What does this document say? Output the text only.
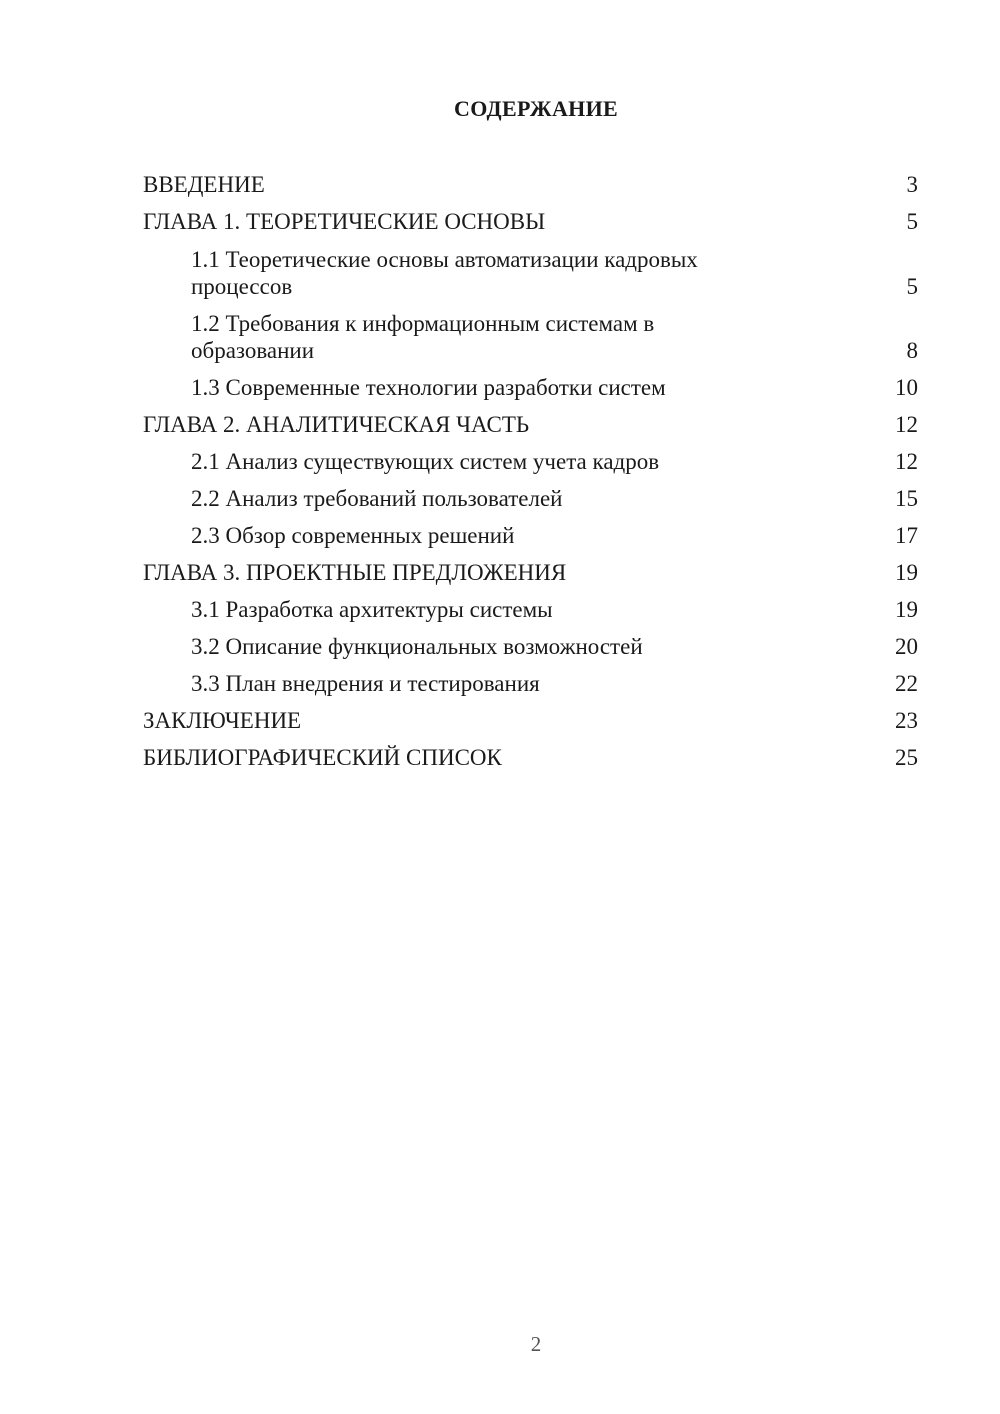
СОДЕРЖАНИЕ
ВВЕДЕНИЕ	3
ГЛАВА 1. ТЕОРЕТИЧЕСКИЕ ОСНОВЫ	5
1.1 Теоретические основы автоматизации кадровых процессов	5
1.2 Требования к информационным системам в образовании	8
1.3 Современные технологии разработки систем	10
ГЛАВА 2. АНАЛИТИЧЕСКАЯ ЧАСТЬ	12
2.1 Анализ существующих систем учета кадров	12
2.2 Анализ требований пользователей	15
2.3 Обзор современных решений	17
ГЛАВА 3. ПРОЕКТНЫЕ ПРЕДЛОЖЕНИЯ	19
3.1 Разработка архитектуры системы	19
3.2 Описание функциональных возможностей	20
3.3 План внедрения и тестирования	22
ЗАКЛЮЧЕНИЕ	23
БИБЛИОГРАФИЧЕСКИЙ СПИСОК	25
2
